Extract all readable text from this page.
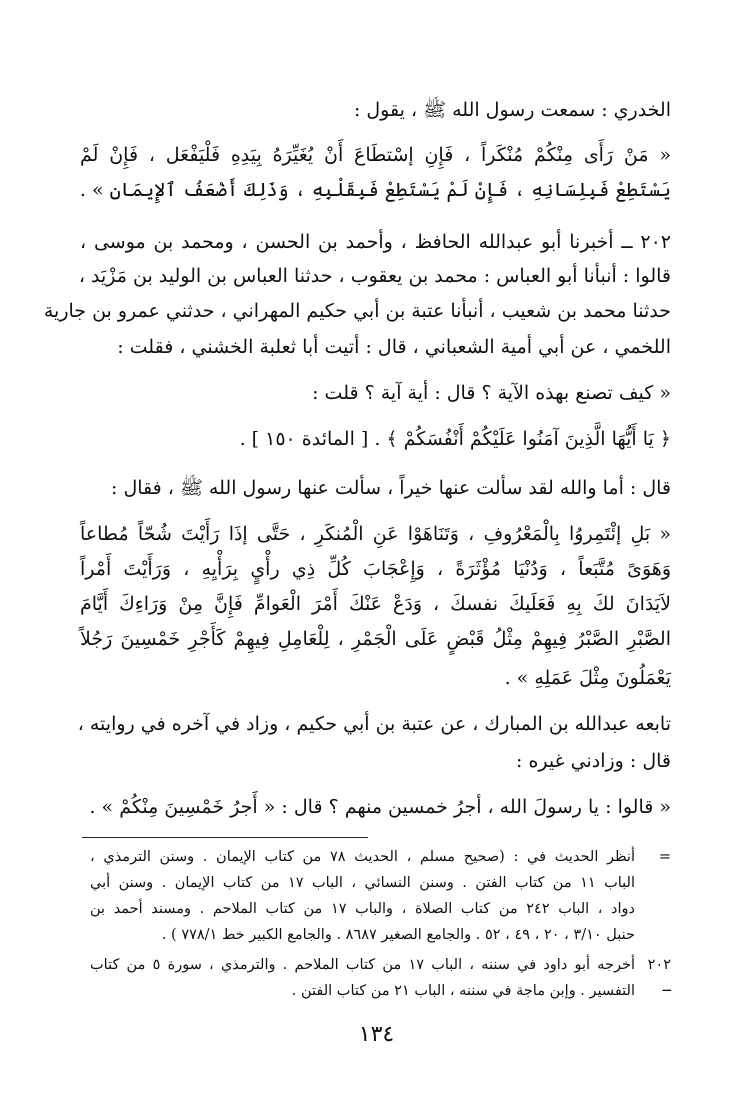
الخدري : سمعت رسول الله ﷺ ، يقول :
« مَنْ رَأَى مِنْكُمْ مُنْكَراً ، فَإِنِ إسْتطَاعَ أَنْ يُغَيِّرَهُ بِيَدِهِ فَلْيَفْعَل ، فَإِنْ لَمْ
يَسْتَطِعْ فَبِلِسَانِهِ ، فَإِنْ لَمْ يَسْتَطِعْ فَبِقَلْبِهِ ، وَذَلِكَ أَضْعَفُ ٱلإِيمَان » .
٢٠٢ ــ أخبرنا أبو عبدالله الحافظ ، وأحمد بن الحسن ، ومحمد بن موسى ،
قالوا : أنبأنا أبو العباس : محمد بن يعقوب ، حدثنا العباس بن الوليد بن مَزْيَد ،
حدثنا محمد بن شعيب ، أنبأنا عتبة بن أبي حكيم المهراني ، حدثني عمرو بن جارية
اللخمي ، عن أبي أمية الشعباني ، قال : أتيت أبا ثعلبة الخشني ، فقلت :
« كيف تصنع بهذه الآية ؟ قال : أية آية ؟ قلت :
﴿ يَا أَيُّهَا الَّذِينَ آمَنُوا عَلَيْكُمْ أَنْفُسَكُمْ ﴾ . [ المائدة ١٥٠ ] .
قال : أما والله لقد سألت عنها خيراً ، سألت عنها رسول الله ﷺ ، فقال :
« بَلِ إئْتَمِروُا بِالْمَعْرُوفِ ، وَتَنَاهَوْا عَنِ الْمُنكَرِ ، حَتَّى إذَا رَأَيْتَ شُحّاً مُطاعاً
وَهَوَىً مُتَّبَعاً ، وَدُنْيَا مُؤْثَرَةً ، وَإِعْجَابَ كُلِّ ذِي رأْيٍ بِرَأْيِهِ ، وَرَأَيْتَ أَمْراً
لاَيَدَانَ لكَ بِهِ فَعَلَيكَ نفسكَ ، وَدَعْ عَنْكَ أَمْرَ الْعَوامِّ فَإِنَّ مِنْ وَرَاءِكَ أَيَّامَ
الصَّبْرِ الصَّبْرُ فِيهِمْ مِثْلُ قَبْضٍ عَلَى الْجَمْرِ ، لِلْعَامِلِ فِيهِمْ كَأَجْرِ خَمْسِينَ رَجُلاً
يَعْمَلُونَ مِثْلَ عَمَلِهِ » .
تابعه عبدالله بن المبارك ، عن عتبة بن أبي حكيم ، وزاد في آخره في روايته ،
قال : وزادني غيره :
« قالوا : يا رسولَ الله ، أجرُ خمسين منهم ؟ قال : « أَجرُ خَمْسِينَ مِنْكُمْ » .
=
أنظر الحديث في : (صحيح مسلم ، الحديث ٧٨ من كتاب الإيمان . وسنن الترمذي ،
الباب ١١ من كتاب الفتن . وسنن النسائي ، الباب ١٧ من كتاب الإيمان . وسنن أبي
دواد ، الباب ٢٤٢ من كتاب الصلاة ، والباب ١٧ من كتاب الملاحم . ومسند أحمد بن
حنبل ٣/١٠ ، ٢٠ ، ٤٩ ، ٥٢ . والجامع الصغير ٨٦٨٧ . والجامع الكبير خط ٧٧٨/١ ) .
٢٠٢ ــ
أخرجه أبو داود في سننه ، الباب ١٧ من كتاب الملاحم . والترمذي ، سورة ٥ من كتاب
التفسير . وإبن ماجة في سننه ، الباب ٢١ من كتاب الفتن .
١٣٤
